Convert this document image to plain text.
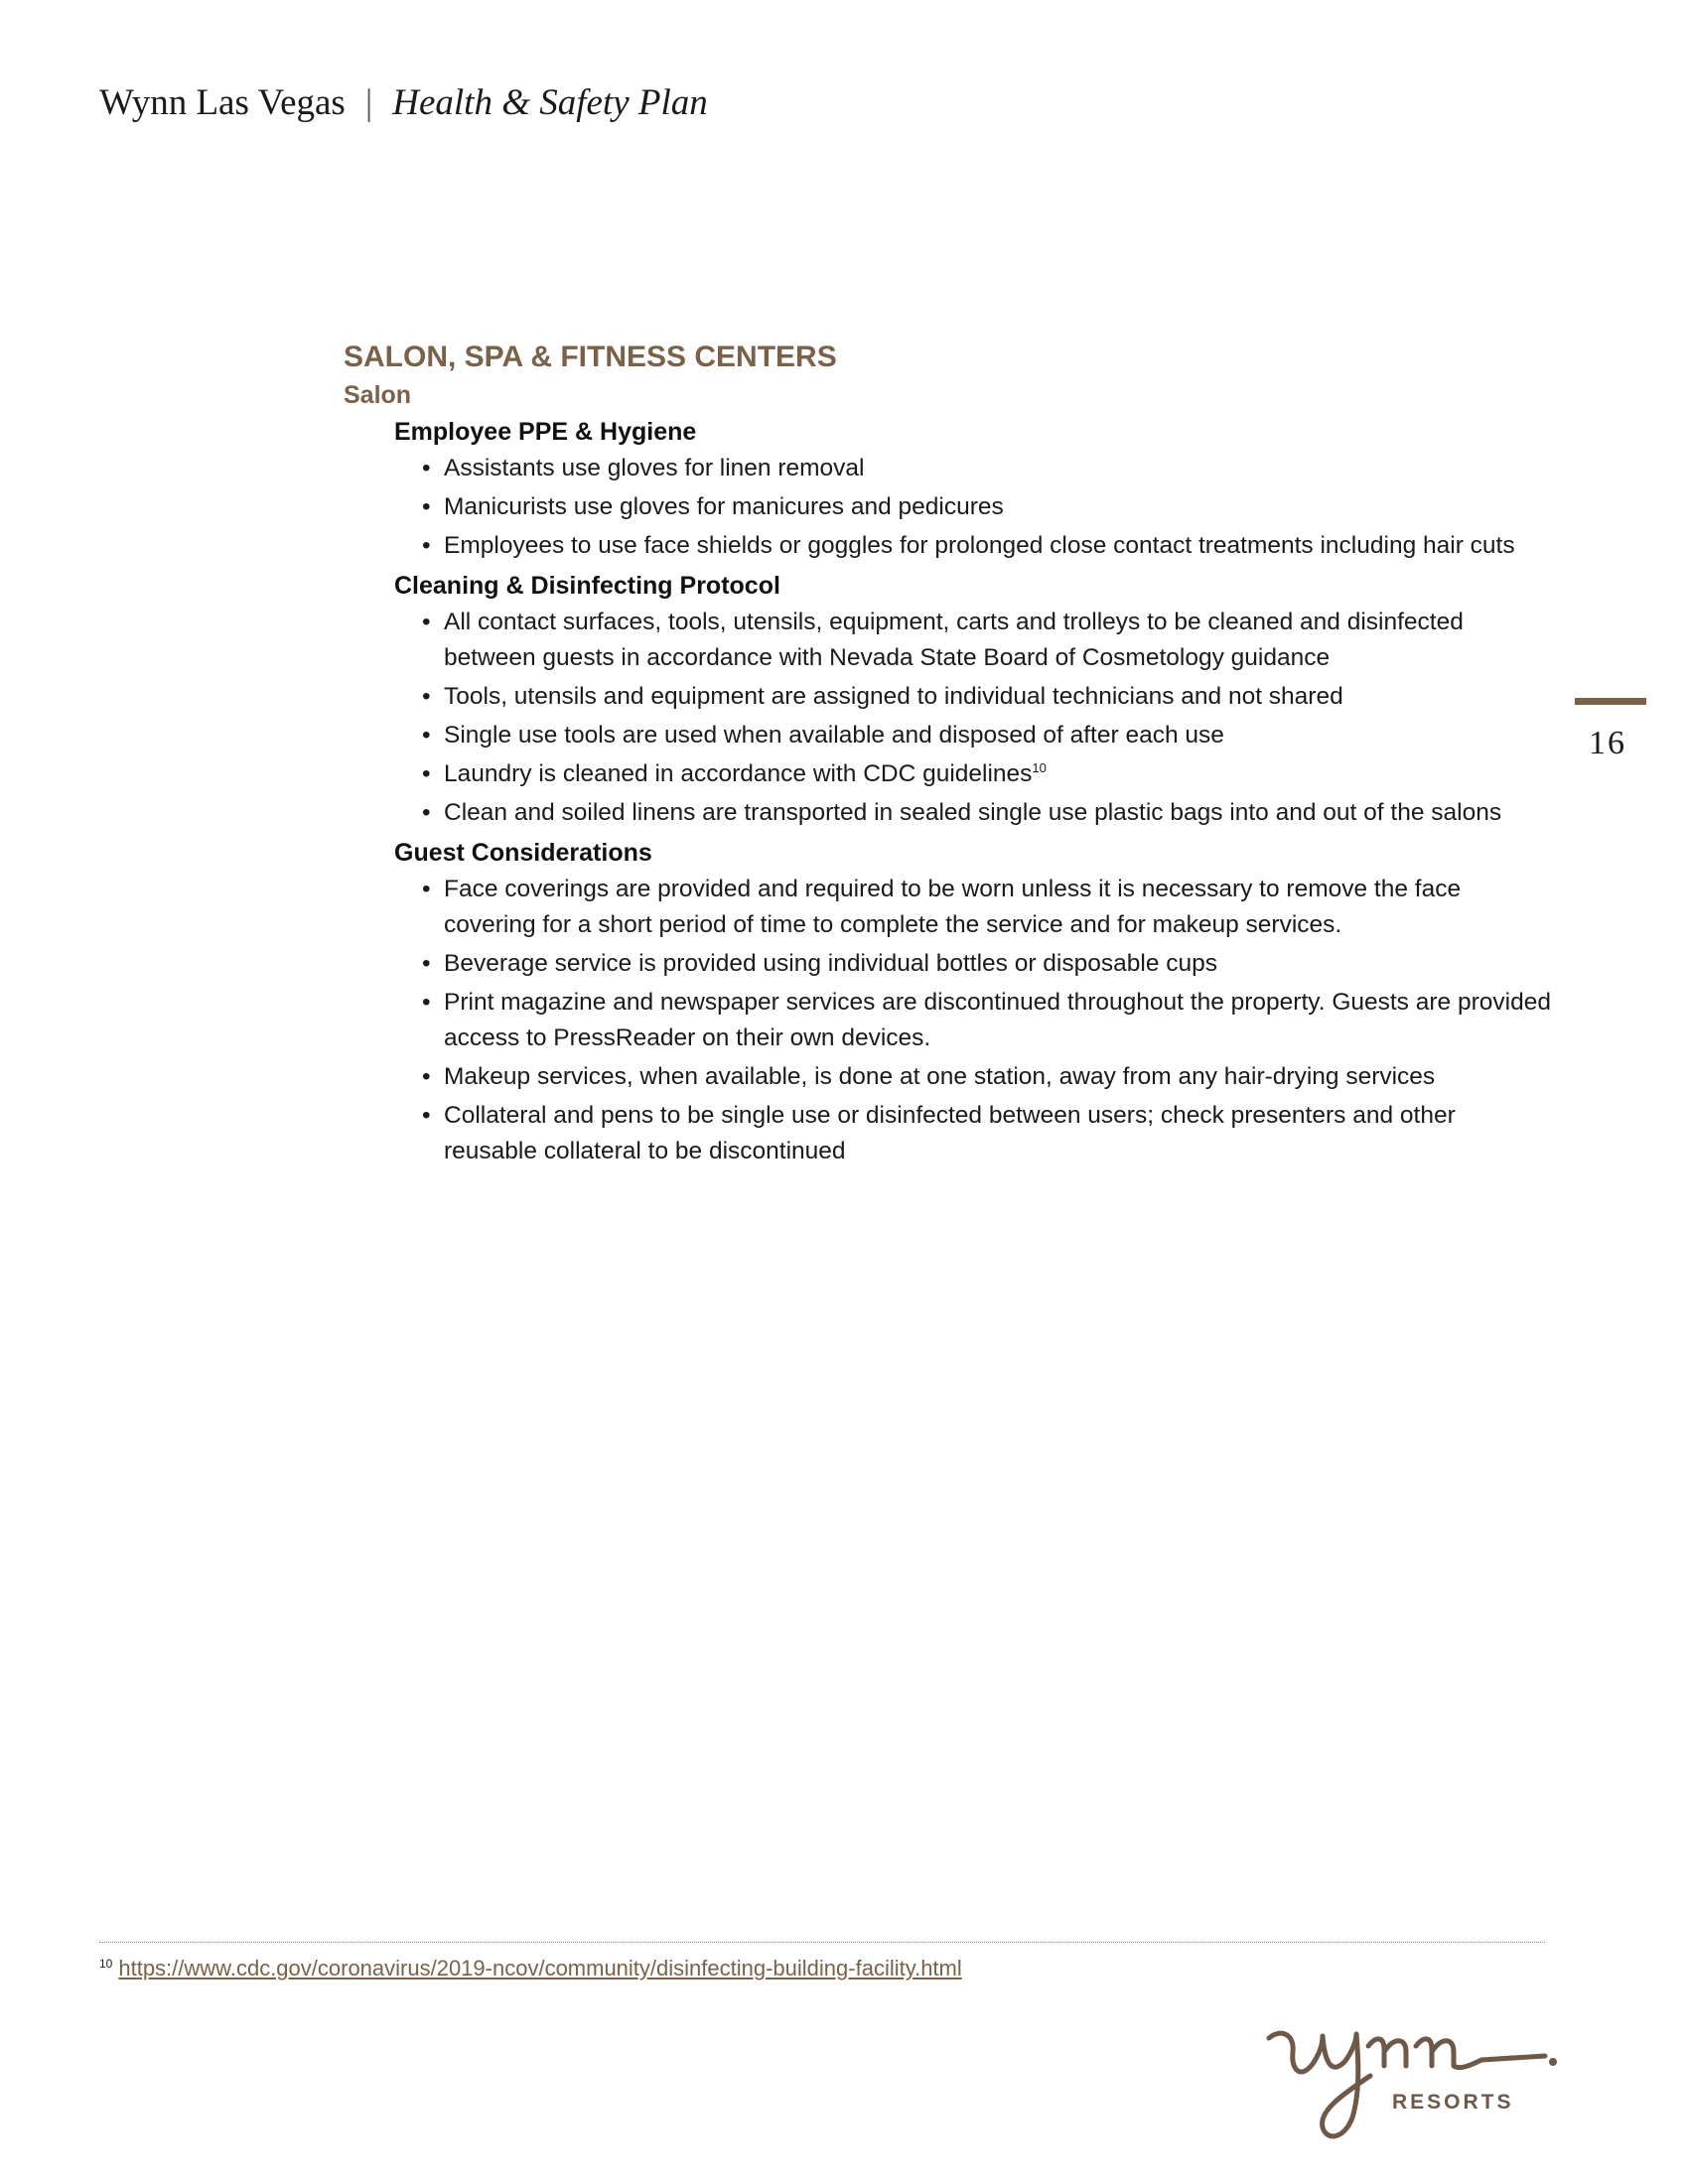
Wynn Las Vegas | Health & Safety Plan
SALON, SPA & FITNESS CENTERS
Salon
Employee PPE & Hygiene
• Assistants use gloves for linen removal
• Manicurists use gloves for manicures and pedicures
• Employees to use face shields or goggles for prolonged close contact treatments including hair cuts
Cleaning & Disinfecting Protocol
• All contact surfaces, tools, utensils, equipment, carts and trolleys to be cleaned and disinfected between guests in accordance with Nevada State Board of Cosmetology guidance
• Tools, utensils and equipment are assigned to individual technicians and not shared
• Single use tools are used when available and disposed of after each use
• Laundry is cleaned in accordance with CDC guidelines$^{10}$
• Clean and soiled linens are transported in sealed single use plastic bags into and out of the salons
Guest Considerations
• Face coverings are provided and required to be worn unless it is necessary to remove the face covering for a short period of time to complete the service and for makeup services.
• Beverage service is provided using individual bottles or disposable cups
• Print magazine and newspaper services are discontinued throughout the property. Guests are provided access to PressReader on their own devices.
• Makeup services, when available, is done at one station, away from any hair-drying services
• Collateral and pens to be single use or disinfected between users; check presenters and other reusable collateral to be discontinued
16
$^{10}$ https://www.cdc.gov/coronavirus/2019-ncov/community/disinfecting-building-facility.html
RESORTS
